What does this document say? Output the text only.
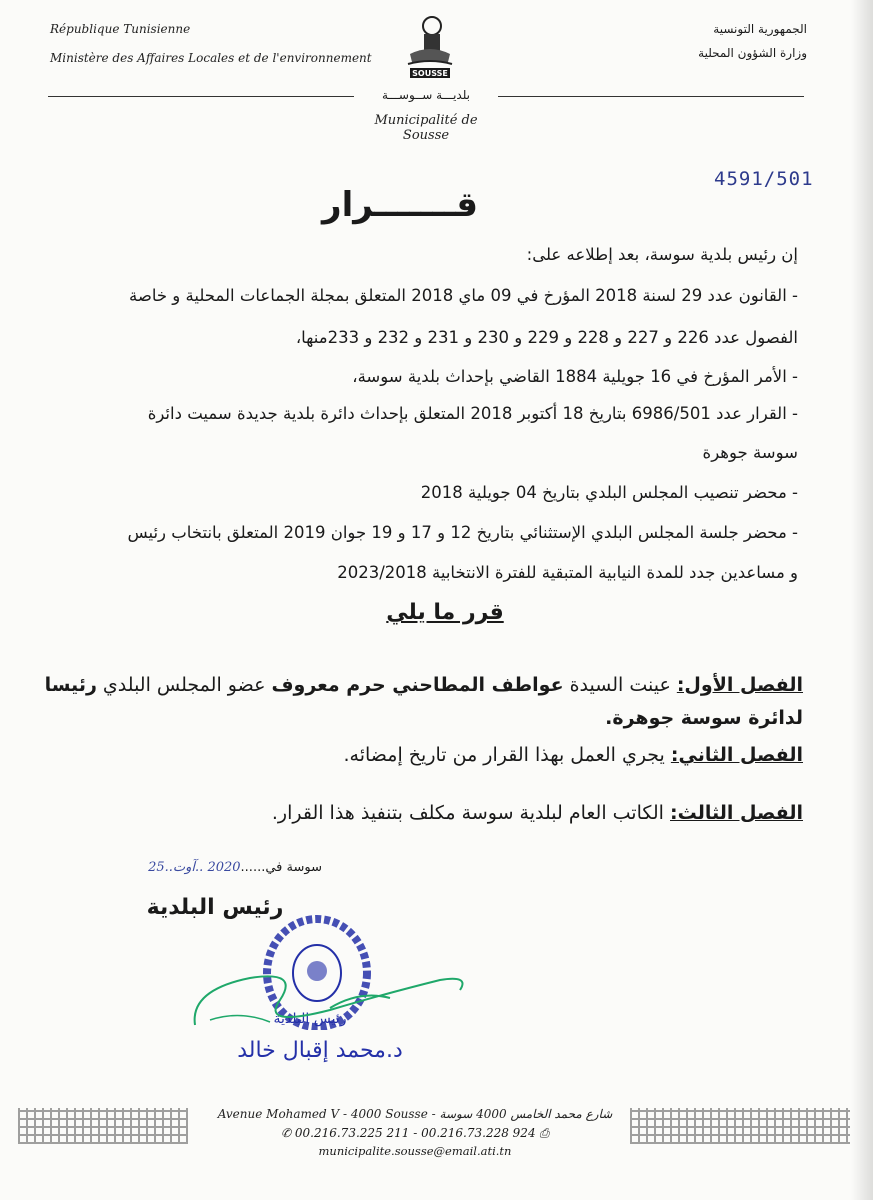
République Tunisienne
Ministère des Affaires Locales et de l'environnement
الجمهورية التونسية
وزارة الشؤون المحلية
SOUSSE
بلديـــة ســوســـة
Municipalité de Sousse
4591/501
قـــــــرار
إن رئيس بلدية سوسة، بعد إطلاعه على:
- القانون عدد 29 لسنة 2018 المؤرخ في 09 ماي 2018 المتعلق بمجلة الجماعات المحلية و خاصة
الفصول عدد 226 و 227 و 228 و 229 و 230 و 231 و 232 و 233منها،
- الأمر المؤرخ في 16 جويلية 1884 القاضي بإحداث بلدية سوسة،
- القرار عدد 6986/501 بتاريخ 18 أكتوبر 2018 المتعلق بإحداث دائرة بلدية جديدة سميت دائرة
سوسة جوهرة
- محضر تنصيب المجلس البلدي بتاريخ 04 جويلية 2018
- محضر جلسة المجلس البلدي الإستثنائي بتاريخ 12 و 17 و 19 جوان 2019 المتعلق بانتخاب رئيس
و مساعدين جدد للمدة النيابية المتبقية للفترة الانتخابية 2023/2018
قرر ما يلي
الفصل الأول: عينت السيدة عواطف المطاحني حرم معروف عضو المجلس البلدي رئيسا
لدائرة سوسة جوهرة.
الفصل الثاني: يجري العمل بهذا القرار من تاريخ إمضائه.
الفصل الثالث: الكاتب العام لبلدية سوسة مكلف بتنفيذ هذا القرار.
سوسة في......2020 ..آوت..25
رئيس البلدية
رئيس البلدية
د.محمد إقبال خالد
Avenue Mohamed V - 4000 Sousse - شارع محمد الخامس 4000 سوسة
✆ 00.216.73.225 211 - 00.216.73.228 924 ⎙
municipalite.sousse@email.ati.tn
